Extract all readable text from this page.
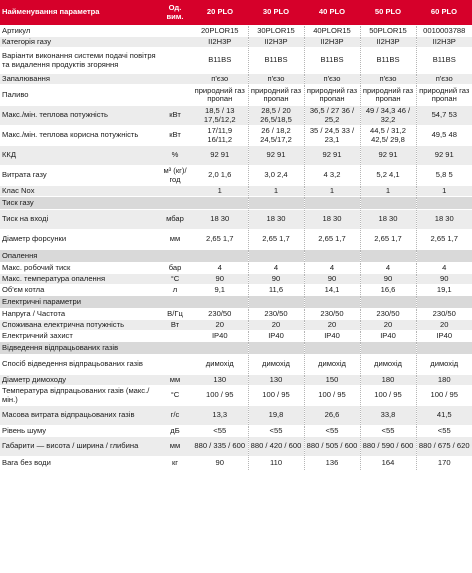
Найменування параметра	Од. вим.	20 PLO	30 PLO	40 PLO	50 PLO	60 PLO
Артикул		20PLOR15	30PLOR15	40PLOR15	50PLOR15	0010003788
Категорія газу		II2H3P	II2H3P	II2H3P	II2H3P	II2H3P
Варіанти виконання системи подачі повітря та видалення продуктів згоряння		B11BS	B11BS	B11BS	B11BS	B11BS
Запалювання		п'єзо	п'єзо	п'єзо	п'єзо	п'єзо
Паливо		природний газ пропан	природний газ пропан	природний газ пропан	природний газ пропан	природний газ пропан
Макс./мін. теплова потужність	кВт	18,5 / 13 17,5/12,2	28,5 / 20 26,5/18,5	36,5 / 27 36 / 25,2	49 / 34,3 46 / 32,2	54,7 53
Макс./мін. теплова корисна потужність	кВт	17/11,9 16/11,2	26 / 18,2 24,5/17,2	35 / 24,5 33 / 23,1	44,5 / 31,2 42,5/ 29,8	49,5 48
ККД	%	92 91	92 91	92 91	92 91	92 91
Витрата газу	м³ (кг)/ год	2,0 1,6	3,0 2,4	4 3,2	5,2 4,1	5,8 5
Клас Nox		1	1	1	1	1
Тиск газу						
Тиск на вході	мбар	18 30	18 30	18 30	18 30	18 30
Діаметр форсунки	мм	2,65 1,7	2,65 1,7	2,65 1,7	2,65 1,7	2,65 1,7
Опалення						
Макс. робочий тиск	бар	4	4	4	4	4
Макс. температура опалення	°С	90	90	90	90	90
Об'єм котла	л	9,1	11,6	14,1	16,6	19,1
Електричні параметри						
Напруга / Частота	В/Гц	230/50	230/50	230/50	230/50	230/50
Споживана електрична потужність	Вт	20	20	20	20	20
Електричний захист		IP40	IP40	IP40	IP40	IP40
Відведення відпрацьованих газів						
Спосіб відведення відпрацьованих газів		димохід	димохід	димохід	димохід	димохід
Діаметр димоходу	мм	130	130	150	180	180
Температура відпрацьованих газів (макс./мін.)	°С	100 / 95	100 / 95	100 / 95	100 / 95	100 / 95
Масова витрата відпрацьованих газів	г/с	13,3	19,8	26,6	33,8	41,5
Рівень шуму	дБ	<55	<55	<55	<55	<55
Габарити — висота / ширина / глибина	мм	880 / 335 / 600	880 / 420 / 600	880 / 505 / 600	880 / 590 / 600	880 / 675 / 620
Вага без води	кг	90	110	136	164	170
